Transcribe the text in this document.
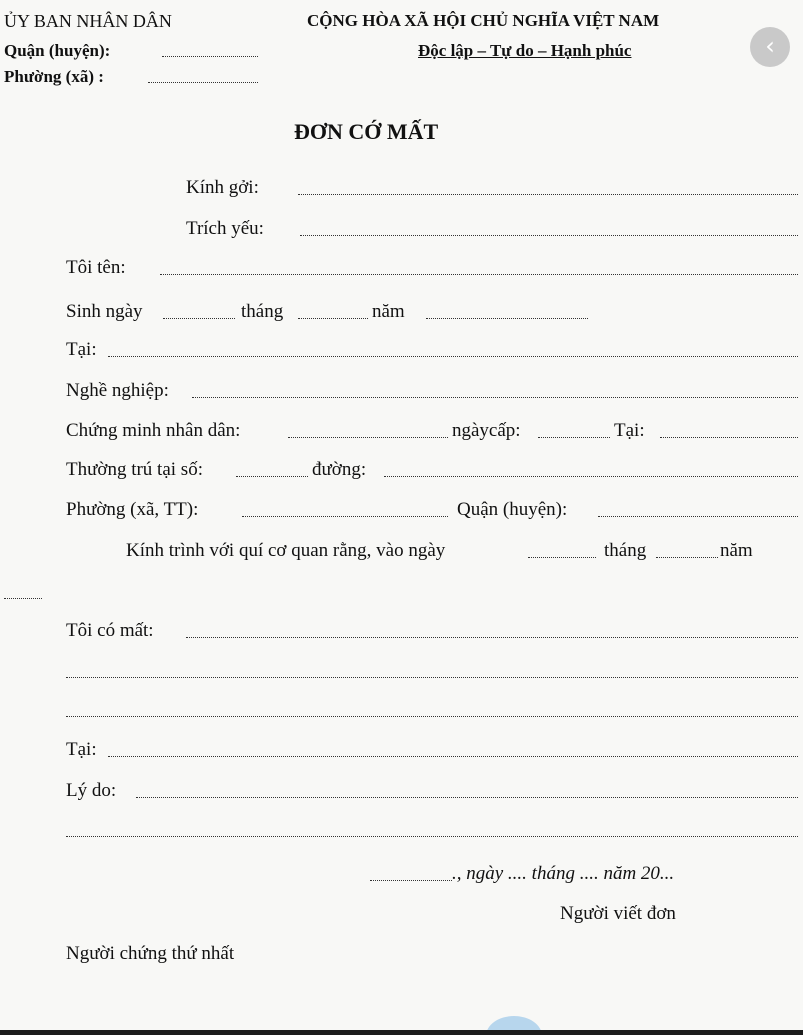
ỦY BAN NHÂN DÂN
Quận (huyện):
Phường (xã) :
CỘNG HÒA XÃ HỘI CHỦ NGHĨA VIỆT NAM
Độc lập – Tự do – Hạnh phúc
ĐƠN CỚ MẤT
Kính gởi:
Trích yếu:
Tôi tên:
Sinh ngày	tháng	năm
Tại:
Nghề nghiệp:
Chứng minh nhân dân:	ngàycấp:	Tại:
Thường trú tại số:	đường:
Phường (xã, TT):	Quận (huyện):
Kính trình với quí cơ quan rằng, vào ngày	tháng	năm
Tôi có mất:
Tại:
Lý do:
., ngày .... tháng .... năm 20...
Người viết đơn
Người chứng thứ nhất
‹
